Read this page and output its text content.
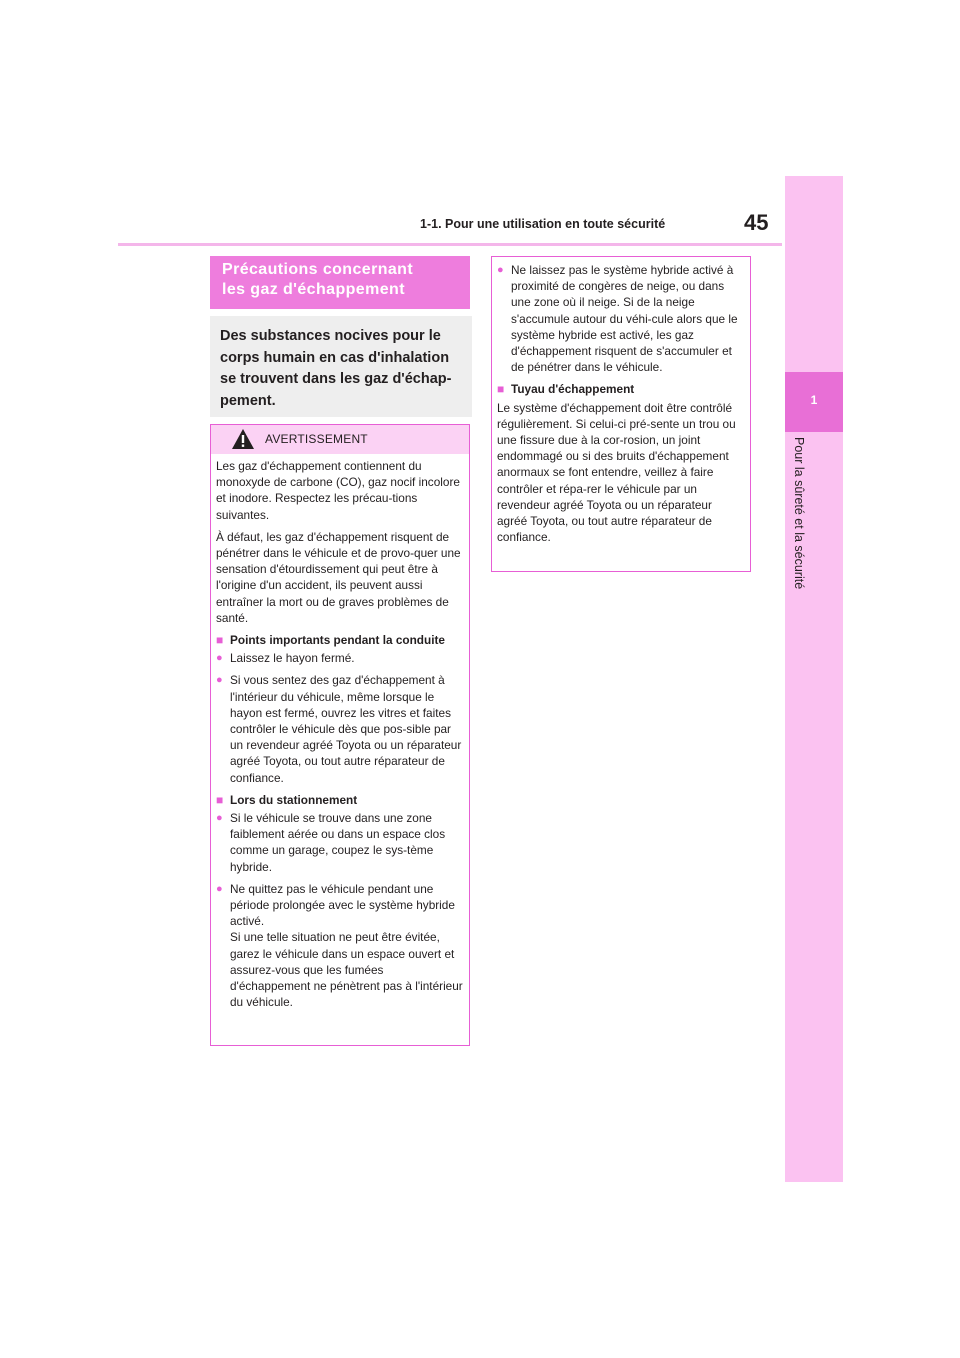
1-1. Pour une utilisation en toute sécurité	45
1
Pour la sûreté et la sécurité
Précautions concernant
les gaz d'échappement
Des substances nocives pour le
corps humain en cas d'inhalation
se trouvent dans les gaz d'échap-
pement.
AVERTISSEMENT

Les gaz d'échappement contiennent du monoxyde de carbone (CO), gaz nocif incolore et inodore. Respectez les précau-tions suivantes.

À défaut, les gaz d'échappement risquent de pénétrer dans le véhicule et de provo-quer une sensation d'étourdissement qui peut être à l'origine d'un accident, ils peuvent aussi entraîner la mort ou de graves problèmes de santé.

■ Points importants pendant la conduite
● Laissez le hayon fermé.
● Si vous sentez des gaz d'échappement à l'intérieur du véhicule, même lorsque le hayon est fermé, ouvrez les vitres et faites contrôler le véhicule dès que pos-sible par un revendeur agréé Toyota ou un réparateur agréé Toyota, ou tout autre réparateur de confiance.
■ Lors du stationnement
● Si le véhicule se trouve dans une zone faiblement aérée ou dans un espace clos comme un garage, coupez le sys-tème hybride.
● Ne quittez pas le véhicule pendant une période prolongée avec le système hybride activé.
Si une telle situation ne peut être évitée, garez le véhicule dans un espace ouvert et assurez-vous que les fumées d'échappement ne pénètrent pas à l'intérieur du véhicule.
● Ne laissez pas le système hybride activé à proximité de congères de neige, ou dans une zone où il neige. Si de la neige s'accumule autour du véhi-cule alors que le système hybride est activé, les gaz d'échappement risquent de s'accumuler et de pénétrer dans le véhicule.
■ Tuyau d'échappement

Le système d'échappement doit être contrôlé régulièrement. Si celui-ci pré-sente un trou ou une fissure due à la cor-rosion, un joint endommagé ou si des bruits d'échappement anormaux se font entendre, veillez à faire contrôler et répa-rer le véhicule par un revendeur agréé Toyota ou un réparateur agréé Toyota, ou tout autre réparateur de confiance.
